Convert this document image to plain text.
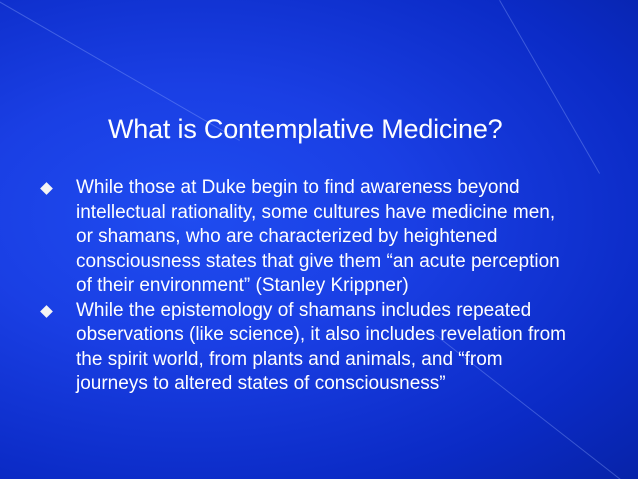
What is Contemplative Medicine?
While those at Duke begin to find awareness beyond
intellectual rationality, some cultures have medicine men,
or shamans, who are characterized by heightened
consciousness states that give them “an acute perception
of their environment” (Stanley Krippner)
While the epistemology of shamans includes repeated
observations (like science), it also includes revelation from
the spirit world, from plants and animals, and “from
journeys to altered states of consciousness”
